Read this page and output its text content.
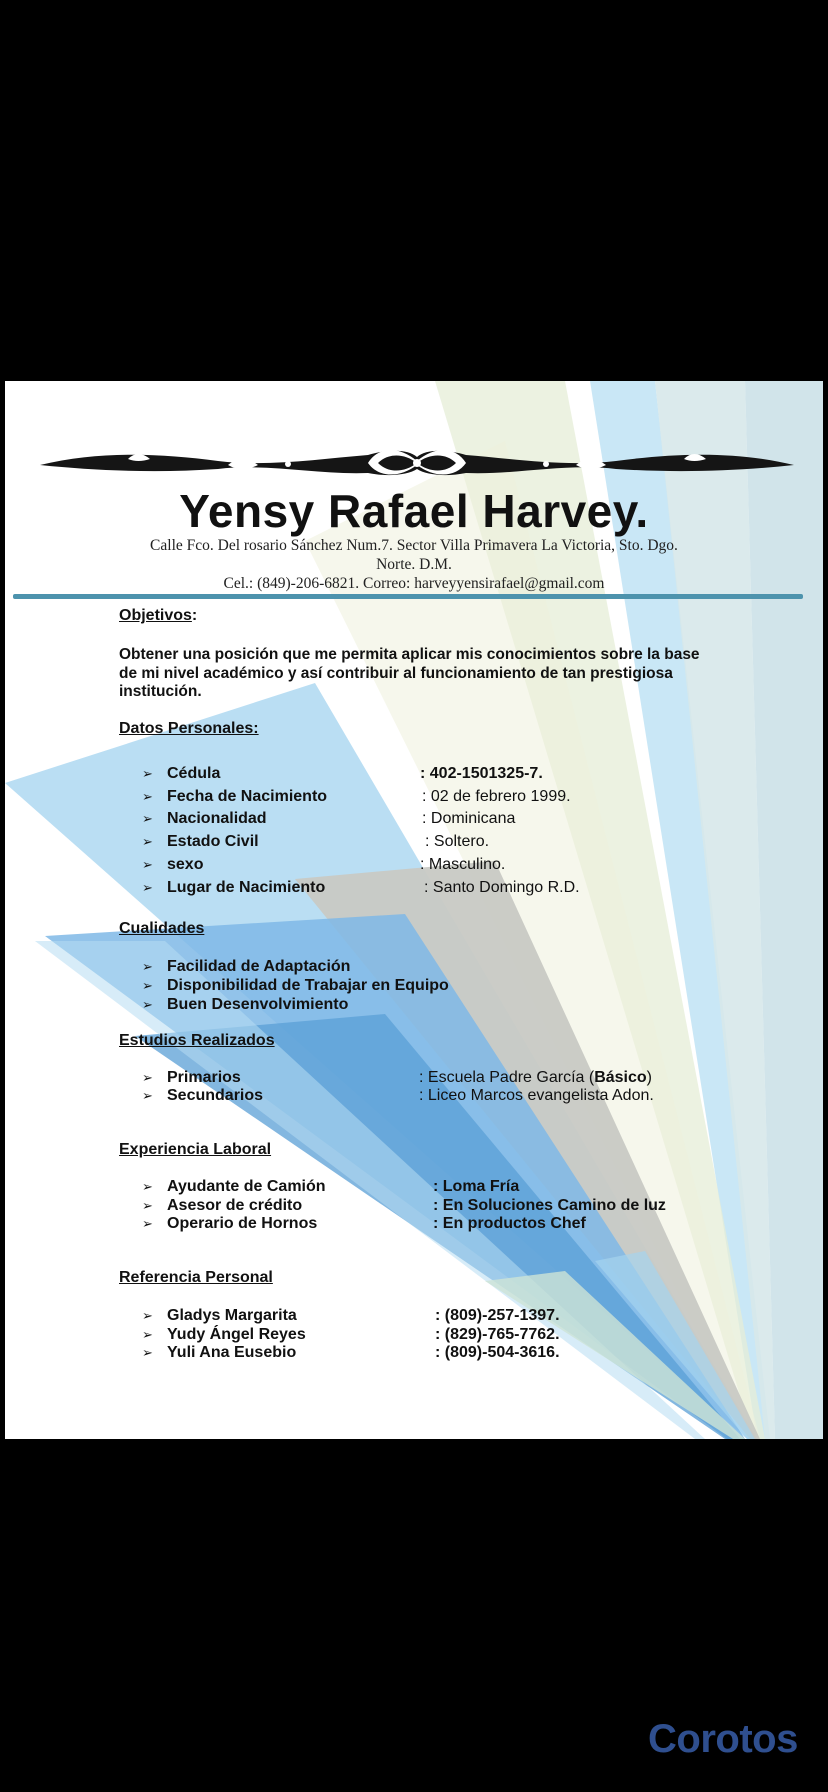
Yensy Rafael Harvey.
Calle Fco. Del rosario Sánchez Num.7. Sector Villa Primavera La Victoria, Sto. Dgo.
Norte. D.M.
Cel.: (849)-206-6821. Correo: harveyyensirafael@gmail.com
Objetivos:
Obtener una posición que me permita aplicar mis conocimientos sobre la base de mi nivel académico y así contribuir al funcionamiento de tan prestigiosa institución.
Datos Personales:
➢ Cédula	: 402-1501325-7.
➢ Fecha de Nacimiento	: 02 de febrero 1999.
➢ Nacionalidad	: Dominicana
➢ Estado Civil	: Soltero.
➢ sexo	: Masculino.
➢ Lugar de Nacimiento	: Santo Domingo R.D.
Cualidades
➢ Facilidad de Adaptación
➢ Disponibilidad de Trabajar en Equipo
➢ Buen Desenvolvimiento
Estudios Realizados
➢ Primarios	: Escuela Padre García (Básico)
➢ Secundarios	: Liceo Marcos evangelista Adon.
Experiencia Laboral
➢ Ayudante de Camión	: Loma Fría
➢ Asesor de crédito	: En Soluciones Camino de luz
➢ Operario de Hornos	: En productos Chef
Referencia Personal
➢ Gladys Margarita	: (809)-257-1397.
➢ Yudy Ángel Reyes	: (829)-765-7762.
➢ Yuli Ana Eusebio	: (809)-504-3616.
Corotos
